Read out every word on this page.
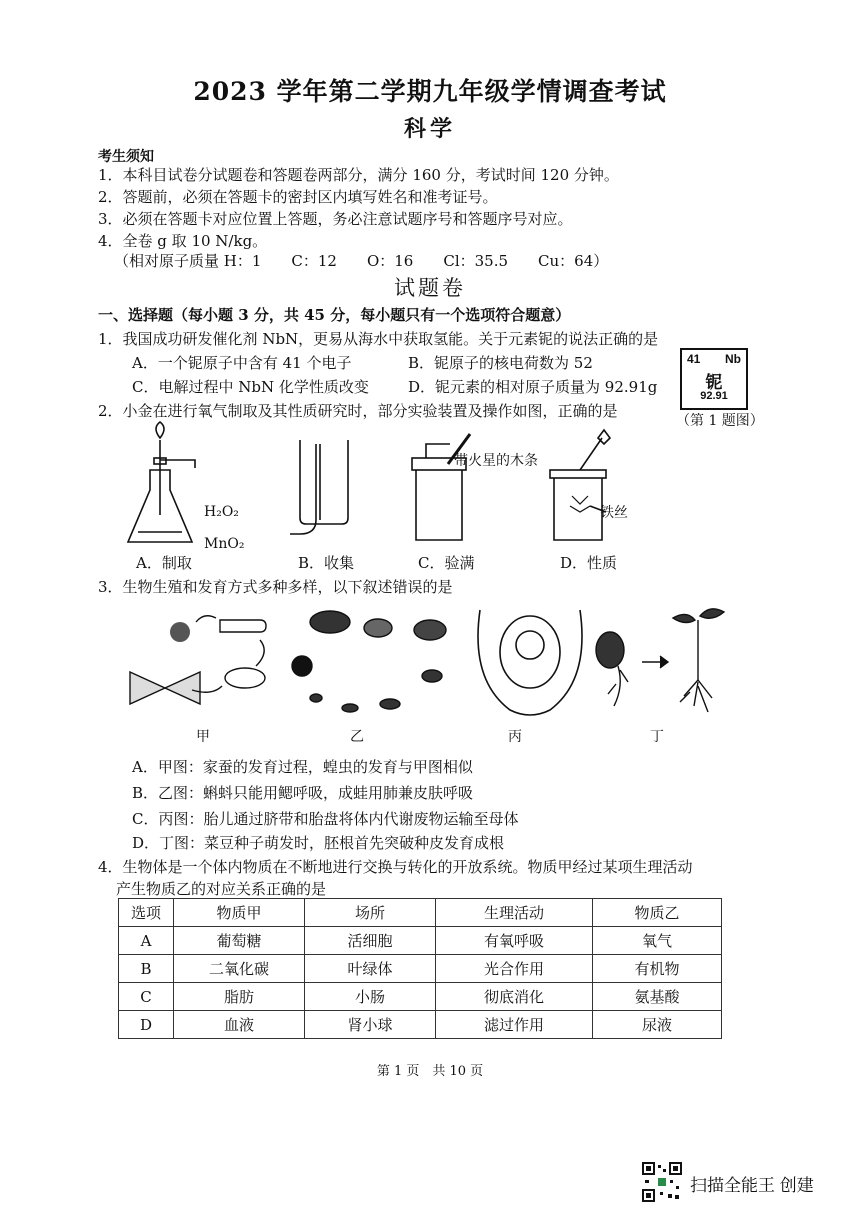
2023 学年第二学期九年级学情调查考试
科学
考生须知
1．本科目试卷分试题卷和答题卷两部分，满分 160 分，考试时间 120 分钟。
2．答题前，必须在答题卡的密封区内填写姓名和准考证号。
3．必须在答题卡对应位置上答题，务必注意试题序号和答题序号对应。
4．全卷 g 取 10 N/kg。
（相对原子质量 H：1　　C：12　　O：16　　Cl：35.5　　Cu：64）
试题卷
一、选择题（每小题 3 分，共 45 分，每小题只有一个选项符合题意）
1．我国成功研发催化剂 NbN，更易从海水中获取氢能。关于元素铌的说法正确的是
A．一个铌原子中含有 41 个电子	B．铌原子的核电荷数为 52
C．电解过程中 NbN 化学性质改变	D．铌元素的相对原子质量为 92.91g
41 Nb
铌
92.91
（第 1 题图）
2．小金在进行氧气制取及其性质研究时，部分实验装置及操作如图，正确的是
H₂O₂
MnO₂
带火星的木条
铁丝
A．制取	B．收集	C．验满	D．性质
3．生物生殖和发育方式多种多样，以下叙述错误的是
甲	乙	丙	丁
A．甲图：家蚕的发育过程，蝗虫的发育与甲图相似
B．乙图：蝌蚪只能用鳃呼吸，成蛙用肺兼皮肤呼吸
C．丙图：胎儿通过脐带和胎盘将体内代谢废物运输至母体
D．丁图：菜豆种子萌发时，胚根首先突破种皮发育成根
4．生物体是一个体内物质在不断地进行交换与转化的开放系统。物质甲经过某项生理活动
产生物质乙的对应关系正确的是
选项	物质甲	场所	生理活动	物质乙
A	葡萄糖	活细胞	有氧呼吸	氧气
B	二氧化碳	叶绿体	光合作用	有机物
C	脂肪	小肠	彻底消化	氨基酸
D	血液	肾小球	滤过作用	尿液
第 1 页　共 10 页
扫描全能王 创建
